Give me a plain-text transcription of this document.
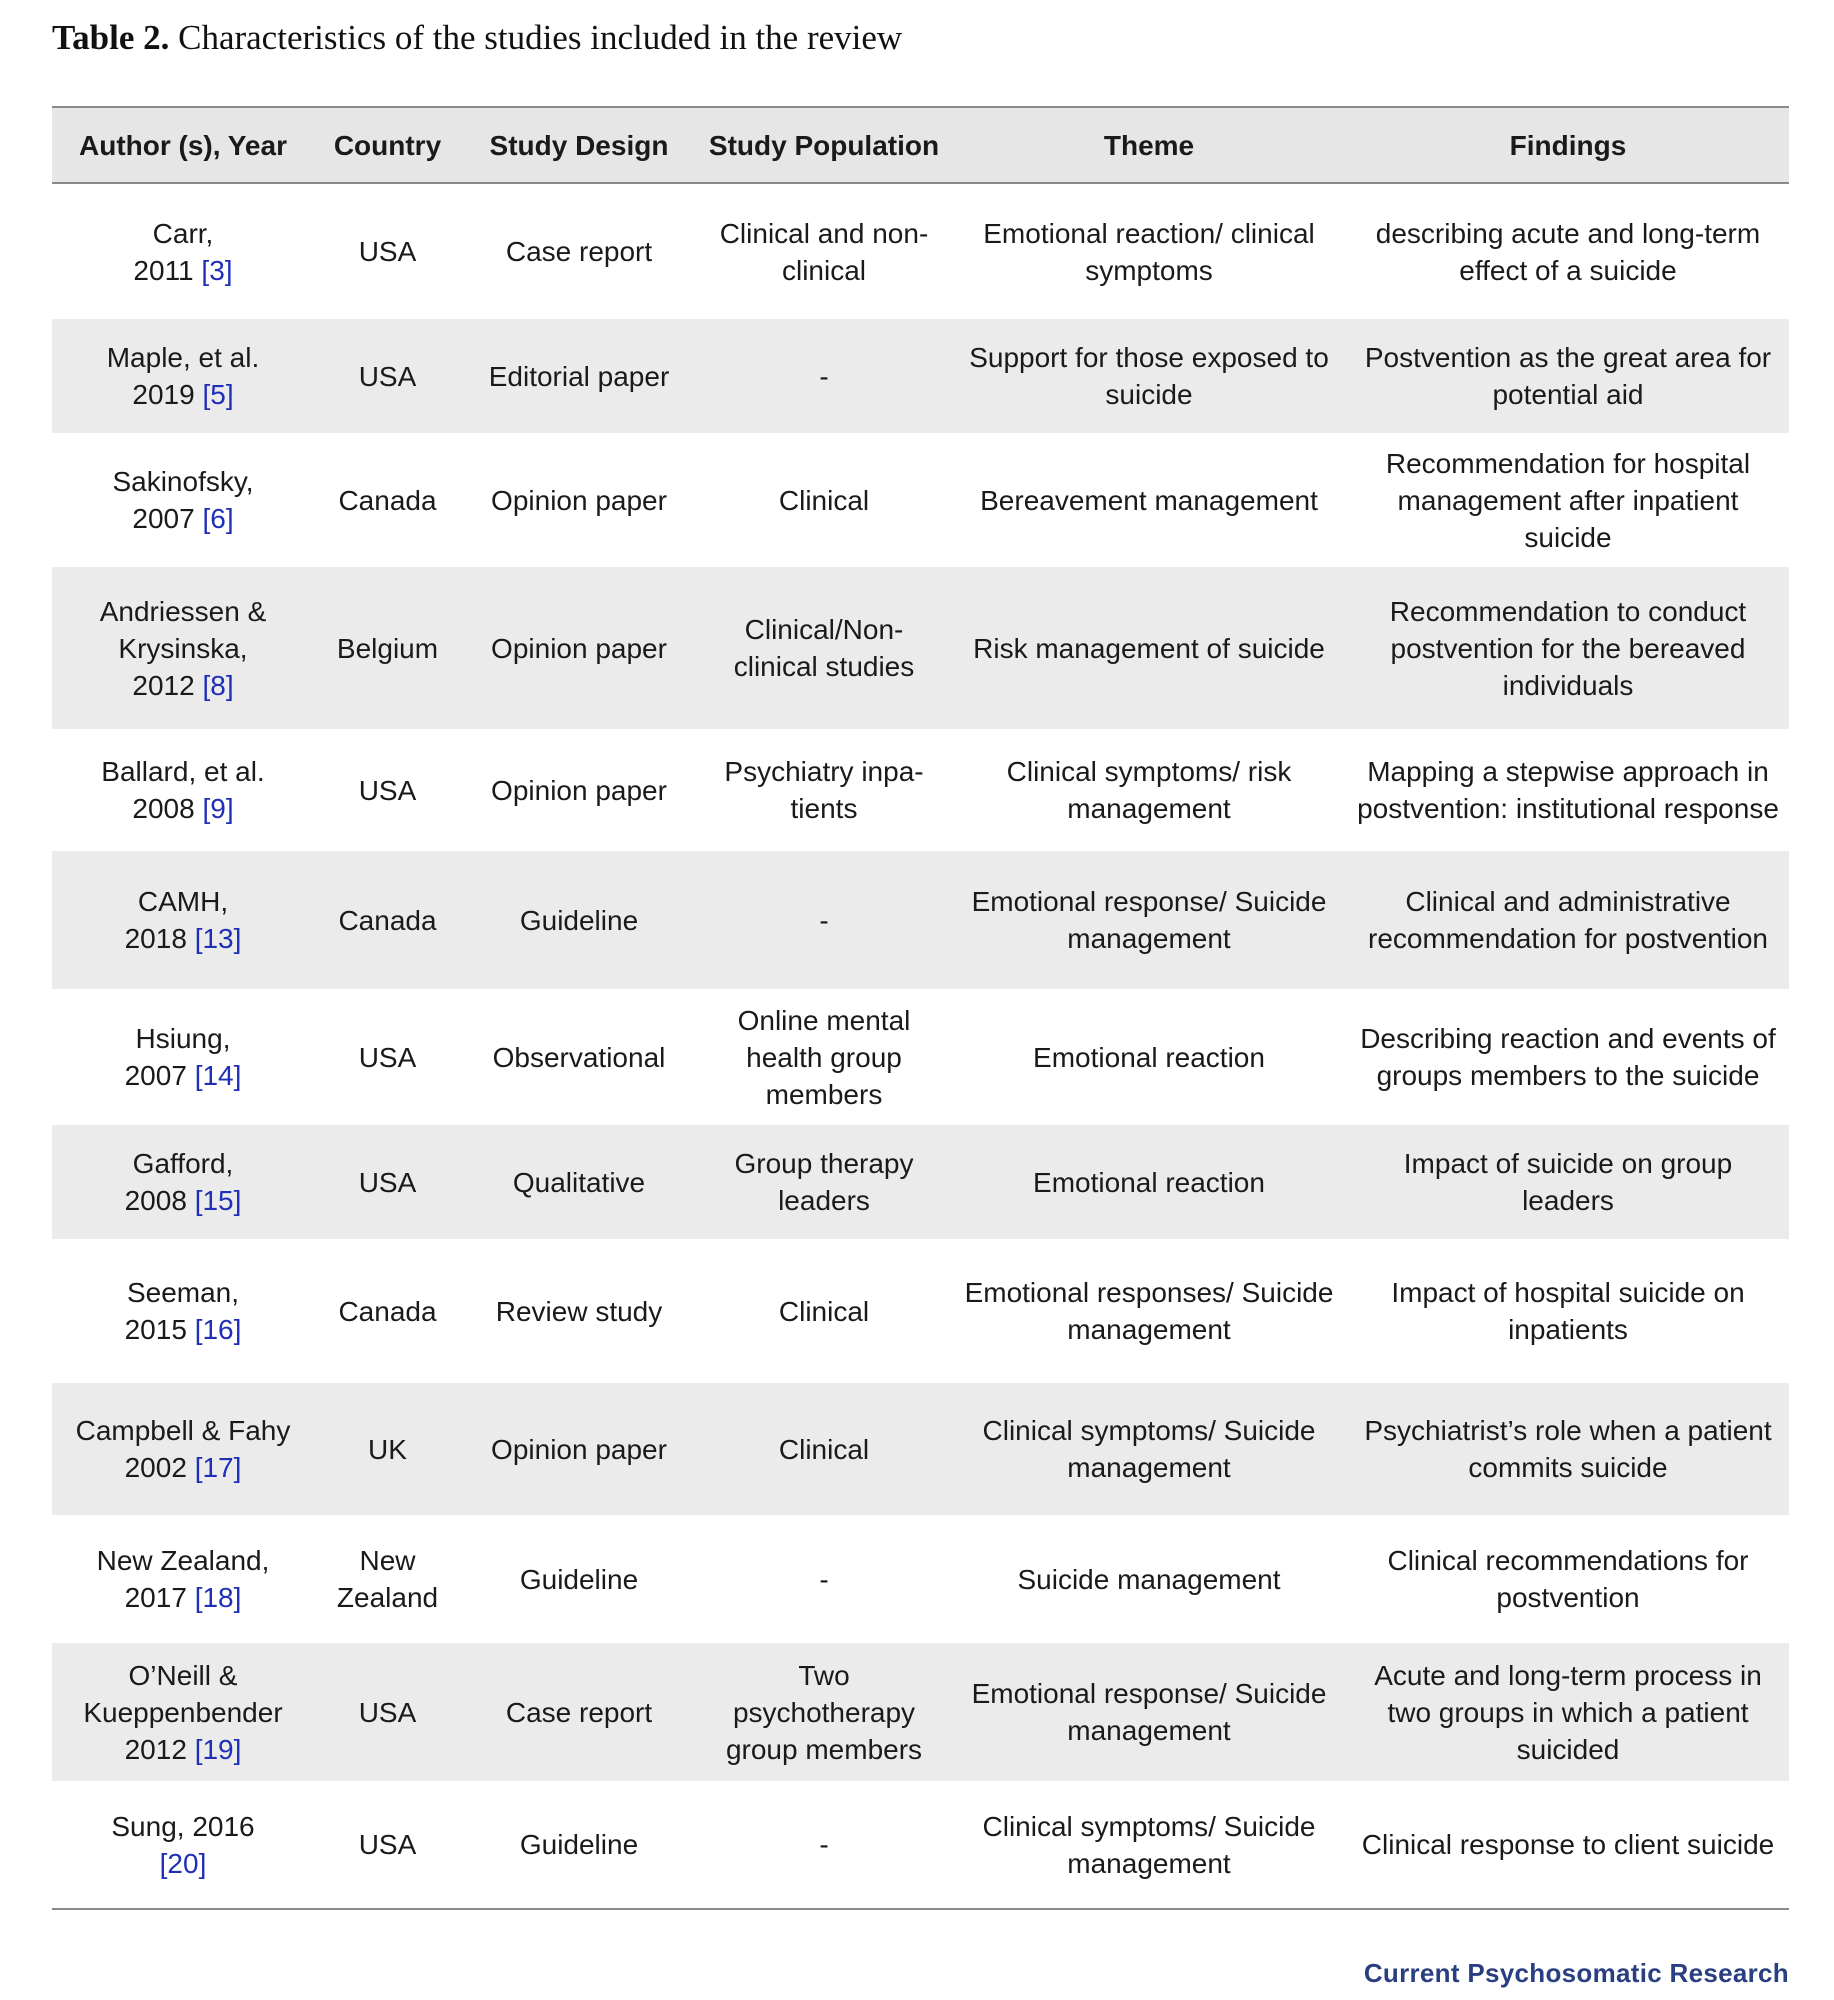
Table 2. Characteristics of the studies included in the review
Author (s), Year	Country	Study Design	Study Population	Theme	Findings
Carr,
2011 [3]	USA	Case report	Clinical and non-clinical	Emotional reaction/ clinical symptoms	describing acute and long-term effect of a suicide
Maple, et al.
2019 [5]	USA	Editorial paper	-	Support for those exposed to suicide	Postvention as the great area for potential aid
Sakinofsky,
2007 [6]	Canada	Opinion paper	Clinical	Bereavement management	Recommendation for hospital management after inpatient suicide
Andriessen & Krysinska,
2012 [8]	Belgium	Opinion paper	Clinical/Non-clinical studies	Risk management of suicide	Recommendation to conduct postvention for the bereaved individuals
Ballard, et al.
2008 [9]	USA	Opinion paper	Psychiatry inpa-tients	Clinical symptoms/ risk management	Mapping a stepwise approach in postvention: institutional response
CAMH,
2018 [13]	Canada	Guideline	-	Emotional response/ Suicide management	Clinical and administrative recommendation for postvention
Hsiung,
2007 [14]	USA	Observational	Online mental health group members	Emotional reaction	Describing reaction and events of groups members to the suicide
Gafford,
2008 [15]	USA	Qualitative	Group therapy leaders	Emotional reaction	Impact of suicide on group leaders
Seeman,
2015 [16]	Canada	Review study	Clinical	Emotional responses/ Suicide management	Impact of hospital suicide on inpatients
Campbell & Fahy
2002 [17]	UK	Opinion paper	Clinical	Clinical symptoms/ Suicide management	Psychiatrist’s role when a patient commits suicide
New Zealand,
2017 [18]	New Zealand	Guideline	-	Suicide management	Clinical recommendations for postvention
O’Neill & Kueppenbender
2012 [19]	USA	Case report	Two psychotherapy group members	Emotional response/ Suicide management	Acute and long-term process in two groups in which a patient suicided
Sung, 2016
[20]	USA	Guideline	-	Clinical symptoms/ Suicide management	Clinical response to client suicide
Current Psychosomatic Research
